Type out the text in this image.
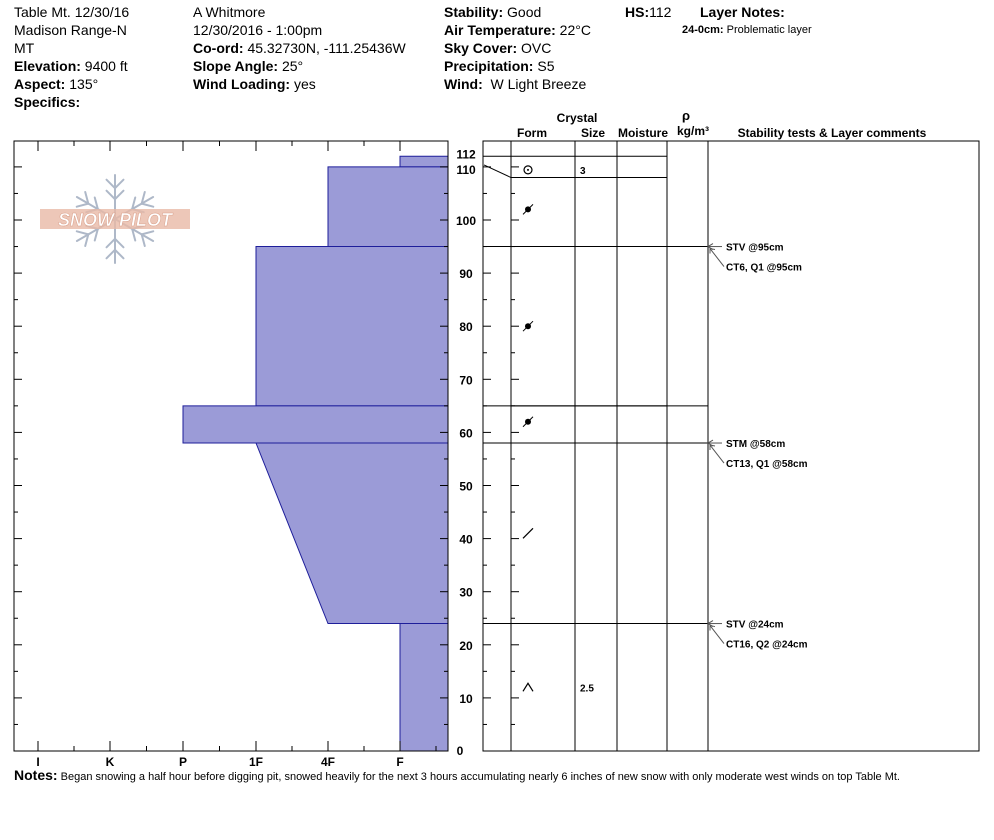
Table Mt. 12/30/16
Madison Range-N
MT
Elevation: 9400 ft
Aspect: 135°
Specifics:
A Whitmore
12/30/2016 - 1:00pm
Co-ord: 45.32730N, -111.25436W
Slope Angle: 25°
Wind Loading: yes
Stability: Good
Air Temperature: 22°C
Sky Cover: OVC
Precipitation: S5
Wind: W Light Breeze
HS:112 Layer Notes:
24-0cm: Problematic layer
SNOW PILOT
I	K	P	1F	4F	F
10
20
30
40
50
60
70
80
90
100
110
112
0
3
2.5
STV @95cm
CT6, Q1 @95cm
STM @58cm
CT13, Q1 @58cm
STV @24cm
CT16, Q2 @24cm
Crystal
Form	Size Moisture
ρ
kg/m³ Stability tests & Layer comments
Notes: Began snowing a half hour before digging pit, snowed heavily for the next 3 hours accumulating nearly 6 inches of new snow with only moderate west winds on top Table Mt.
